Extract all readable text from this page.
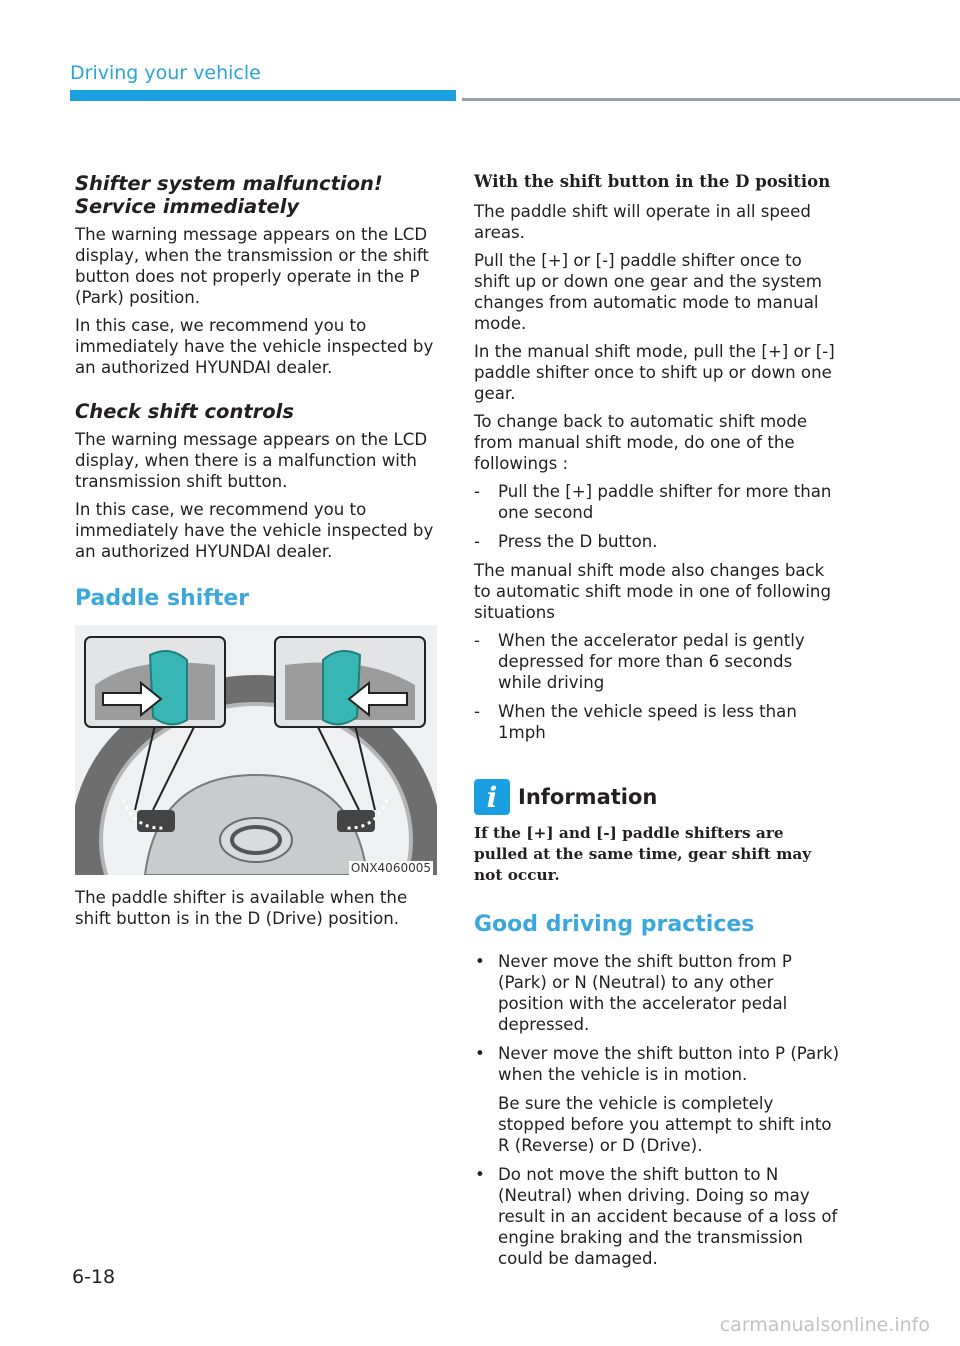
Driving your vehicle
Shifter system malfunction! Service immediately
The warning message appears on the LCD display, when the transmission or the shift button does not properly operate in the P (Park) position.
In this case, we recommend you to immediately have the vehicle inspected by an authorized HYUNDAI dealer.
Check shift controls
The warning message appears on the LCD display, when there is a malfunction with transmission shift button.
In this case, we recommend you to immediately have the vehicle inspected by an authorized HYUNDAI dealer.
Paddle shifter
ONX4060005
The paddle shifter is available when the shift button is in the D (Drive) position.
With the shift button in the D position
The paddle shift will operate in all speed areas.
Pull the [+] or [-] paddle shifter once to shift up or down one gear and the system changes from automatic mode to manual mode.
In the manual shift mode, pull the [+] or [-] paddle shifter once to shift up or down one gear.
To change back to automatic shift mode from manual shift mode, do one of the followings :
- Pull the [+] paddle shifter for more than one second
- Press the D button.
The manual shift mode also changes back to automatic shift mode in one of following situations
- When the accelerator pedal is gently depressed for more than 6 seconds while driving
- When the vehicle speed is less than 1mph
i Information
If the [+] and [-] paddle shifters are pulled at the same time, gear shift may not occur.
Good driving practices
• Never move the shift button from P (Park) or N (Neutral) to any other position with the accelerator pedal depressed.
• Never move the shift button into P (Park) when the vehicle is in motion.
Be sure the vehicle is completely stopped before you attempt to shift into R (Reverse) or D (Drive).
• Do not move the shift button to N (Neutral) when driving. Doing so may result in an accident because of a loss of engine braking and the transmission could be damaged.
6-18
carmanualsonline.info
